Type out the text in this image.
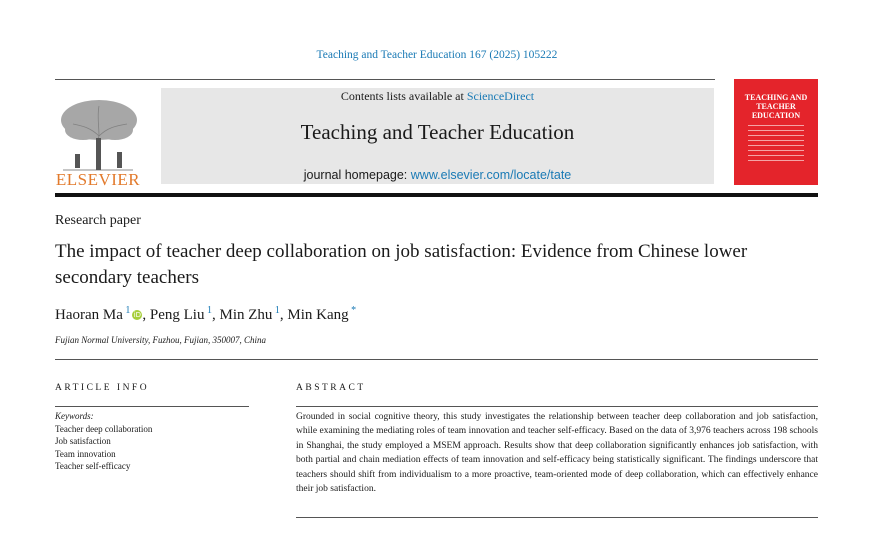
Teaching and Teacher Education 167 (2025) 105222
ELSEVIER
Contents lists available at ScienceDirect
Teaching and Teacher Education
journal homepage: www.elsevier.com/locate/tate
TEACHING AND TEACHER EDUCATION
Research paper
The impact of teacher deep collaboration on job satisfaction: Evidence from Chinese lower secondary teachers
Haoran Ma $^1$ iD, Peng Liu $^1$, Min Zhu $^1$, Min Kang *
Fujian Normal University, Fuzhou, Fujian, 350007, China
ARTICLE INFO
Keywords:
Teacher deep collaboration
Job satisfaction
Team innovation
Teacher self-efficacy
ABSTRACT
Grounded in social cognitive theory, this study investigates the relationship between teacher deep collaboration and job satisfaction, while examining the mediating roles of team innovation and teacher self-efficacy. Based on the data of 3,976 teachers across 198 schools in Shanghai, the study employed a MSEM approach. Results show that deep collaboration significantly enhances job satisfaction, with both partial and chain mediation effects of team innovation and self-efficacy being statistically significant. The findings underscore that teachers should shift from individualism to a more proactive, team-oriented mode of deep collaboration, which can effectively enhance their job satisfaction.
